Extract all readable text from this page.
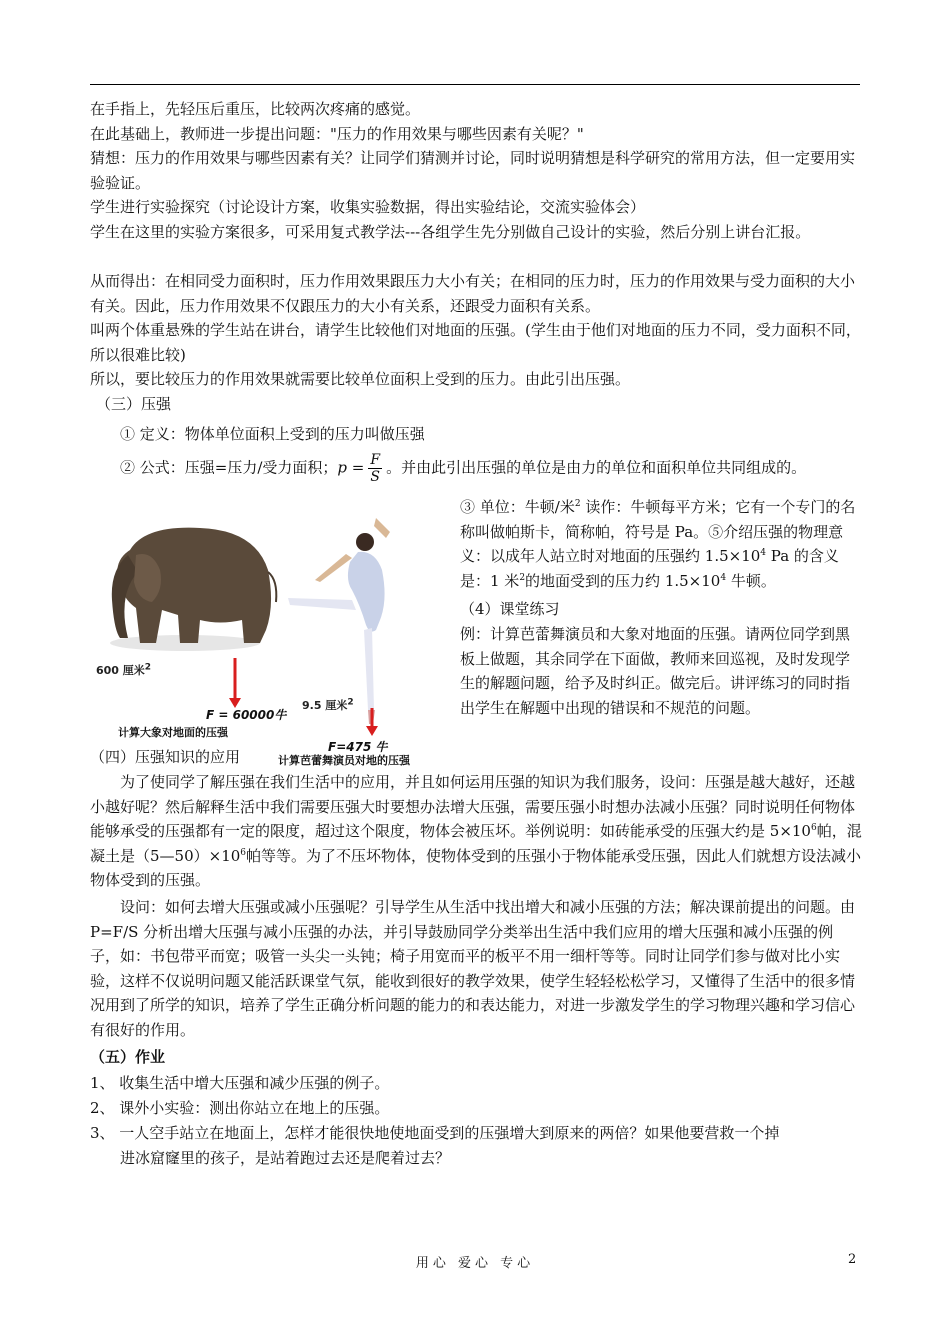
在手指上，先轻压后重压，比较两次疼痛的感觉。

在此基础上，教师进一步提出问题："压力的作用效果与哪些因素有关呢？"

猜想：压力的作用效果与哪些因素有关？让同学们猜测并讨论，同时说明猜想是科学研究的常用方法，但一定要用实验验证。

学生进行实验探究（讨论设计方案，收集实验数据，得出实验结论，交流实验体会）

学生在这里的实验方案很多，可采用复式教学法---各组学生先分别做自己设计的实验，然后分别上讲台汇报。

从而得出：在相同受力面积时，压力作用效果跟压力大小有关；在相同的压力时，压力的作用效果与受力面积的大小有关。因此，压力作用效果不仅跟压力的大小有关系，还跟受力面积有关系。

叫两个体重悬殊的学生站在讲台，请学生比较他们对地面的压强。(学生由于他们对地面的压力不同，受力面积不同，所以很难比较)

所以，要比较压力的作用效果就需要比较单位面积上受到的压力。由此引出压强。

（三）压强

① 定义：物体单位面积上受到的压力叫做压强

② 公式：压强=压力/受力面积；$p = \frac{F}{S}$ 。并由此引出压强的单位是由力的单位和面积单位共同组成的。

600 厘米$^2$
F = 60000牛
计算大象对地面的压强
9.5 厘米$^2$
F=475 牛
计算芭蕾舞演员对地的压强

③ 单位：牛顿/米$^2$ 读作：牛顿每平方米；它有一个专门的名称叫做帕斯卡，简称帕，符号是 Pa。⑤介绍压强的物理意义：以成年人站立时对地面的压强约 $1.5\times 10^4$ Pa 的含义是：1 米$^2$的地面受到的压力约 $1.5\times 10^4$ 牛顿。

（4）课堂练习

例：计算芭蕾舞演员和大象对地面的压强。请两位同学到黑板上做题，其余同学在下面做，教师来回巡视，及时发现学生的解题问题，给予及时纠正。做完后。讲评练习的同时指出学生在解题中出现的错误和不规范的问题。

（四）压强知识的应用

为了使同学了解压强在我们生活中的应用，并且如何运用压强的知识为我们服务，设问：压强是越大越好，还越小越好呢？然后解释生活中我们需要压强大时要想办法增大压强，需要压强小时想办法减小压强？同时说明任何物体能够承受的压强都有一定的限度，超过这个限度，物体会被压坏。举例说明：如砖能承受的压强大约是 $5\times 10^6$帕，混凝土是$(5—50)\times 10^6$帕等等。为了不压坏物体，使物体受到的压强小于物体能承受压强，因此人们就想方设法减小物体受到的压强。

设问：如何去增大压强或减小压强呢？引导学生从生活中找出增大和减小压强的方法；解决课前提出的问题。由 P=F/S 分析出增大压强与减小压强的办法，并引导鼓励同学分类举出生活中我们应用的增大压强和减小压强的例子，如：书包带平而宽；吸管一头尖一头钝；椅子用宽而平的板平不用一细杆等等。同时让同学们参与做对比小实验，这样不仅说明问题又能活跃课堂气氛，能收到很好的教学效果，使学生轻轻松松学习，又懂得了生活中的很多情况用到了所学的知识，培养了学生正确分析问题的能力的和表达能力，对进一步激发学生的学习物理兴趣和学习信心有很好的作用。

（五）作业

1、 收集生活中增大压强和减少压强的例子。

2、 课外小实验：测出你站立在地上的压强。

3、 一人空手站立在地面上，怎样才能很快地使地面受到的压强增大到原来的两倍？如果他要营救一个掉

进冰窟窿里的孩子，是站着跑过去还是爬着过去？

用心 爱心 专心	2
